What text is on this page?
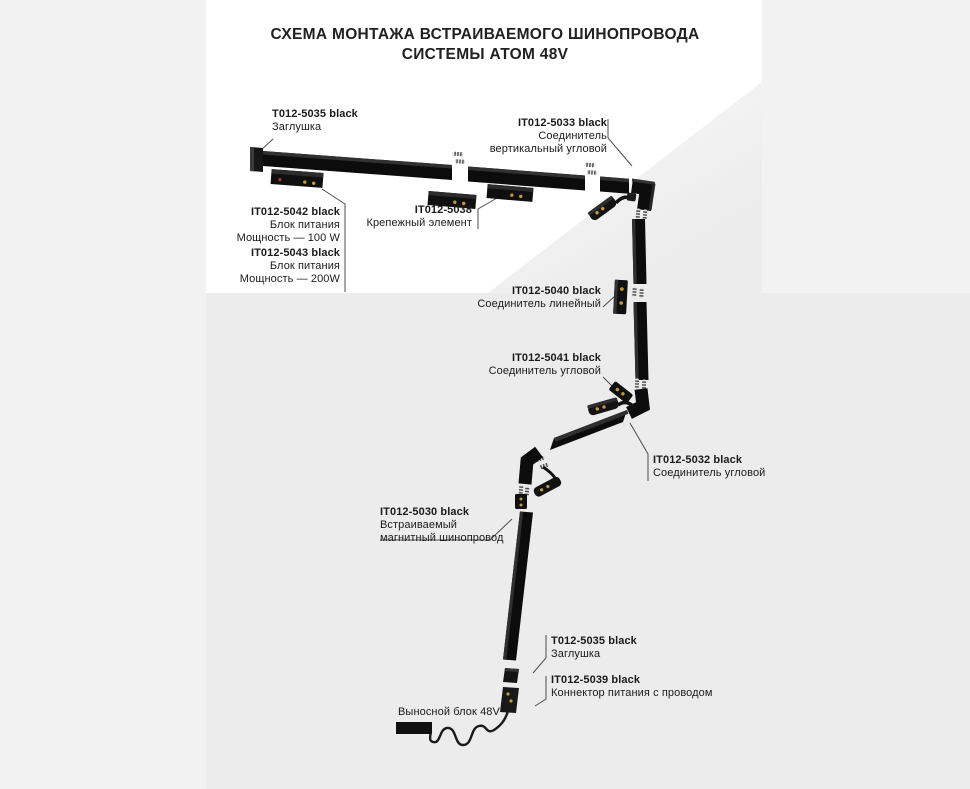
СХЕМА МОНТАЖА ВСТРАИВАЕМОГО ШИНОПРОВОДА
СИСТЕМЫ АТОМ 48V
T012-5035 black
Заглушка	IT012-5033 black
Соединитель
вертикальный угловой
IT012-5042 black
Блок питания
Мощность — 100 W
IT012-5043 black
Блок питания
Мощность — 200W
IT012-5038
Крепежный элемент
IT012-5040 black
Соединитель линейный
IT012-5041 black
Соединитель угловой
IT012-5032 black
Соединитель угловой
IT012-5030 black
Встраиваемый
магнитный шинопровод
T012-5035 black
Заглушка
IT012-5039 black
Коннектор питания с проводом
Выносной блок 48V
